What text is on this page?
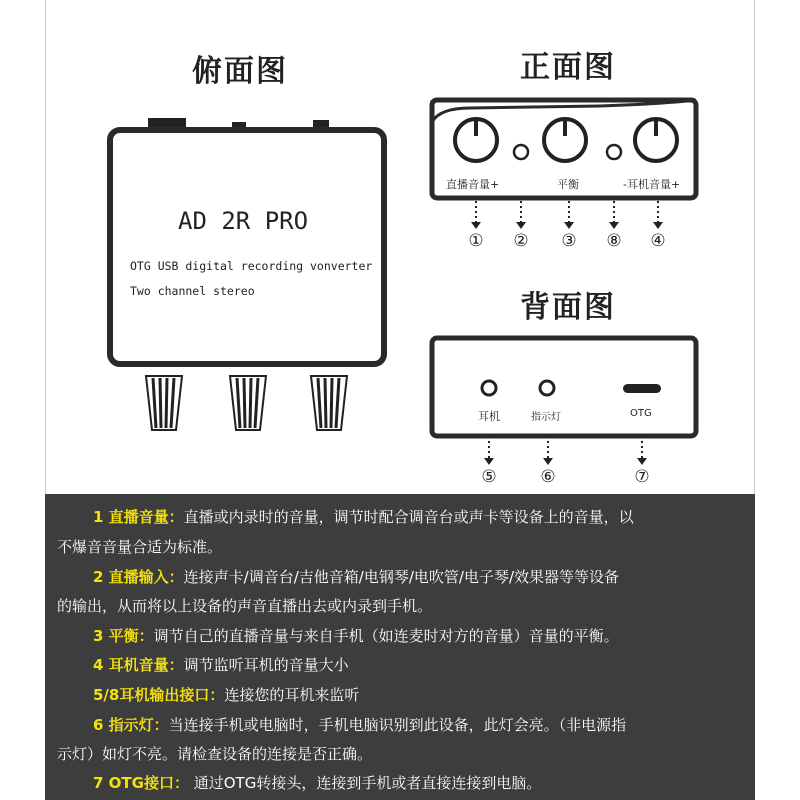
俯面图	正面图
背面图
AD 2R PRO
OTG USB digital recording vonverter
Two channel stereo
直播音量+	平衡	-耳机音量+
① ② ③ ⑧ ④
耳机	指示灯	OTG
⑤	⑥	⑦
1 直播音量：直播或内录时的音量，调节时配合调音台或声卡等设备上的音量，以
不爆音音量合适为标准。
2 直播输入：连接声卡/调音台/吉他音箱/电钢琴/电吹管/电子琴/效果器等等设备
的输出，从而将以上设备的声音直播出去或内录到手机。
3 平衡：调节自己的直播音量与来自手机（如连麦时对方的音量）音量的平衡。
4 耳机音量：调节监听耳机的音量大小
5/8耳机输出接口：连接您的耳机来监听
6 指示灯：当连接手机或电脑时，手机电脑识别到此设备，此灯会亮。（非电源指
示灯）如灯不亮。请检查设备的连接是否正确。
7 OTG接口： 通过OTG转接头，连接到手机或者直接连接到电脑。
